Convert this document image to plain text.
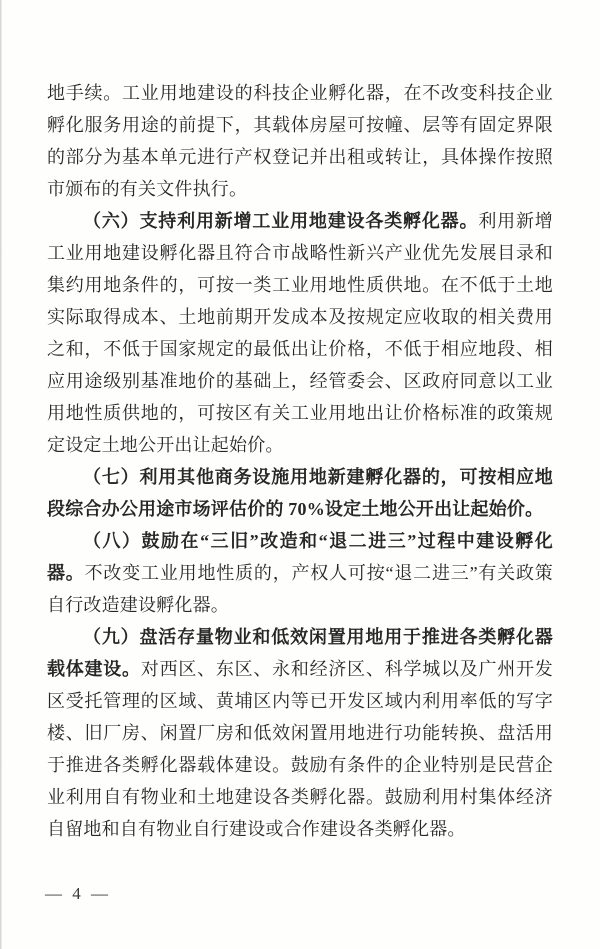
地手续。工业用地建设的科技企业孵化器，在不改变科技企业孵化服务用途的前提下，其载体房屋可按幢、层等有固定界限的部分为基本单元进行产权登记并出租或转让，具体操作按照市颁布的有关文件执行。

（六）支持利用新增工业用地建设各类孵化器。利用新增工业用地建设孵化器且符合市战略性新兴产业优先发展目录和集约用地条件的，可按一类工业用地性质供地。在不低于土地实际取得成本、土地前期开发成本及按规定应收取的相关费用之和，不低于国家规定的最低出让价格，不低于相应地段、相应用途级别基准地价的基础上，经管委会、区政府同意以工业用地性质供地的，可按区有关工业用地出让价格标准的政策规定设定土地公开出让起始价。

（七）利用其他商务设施用地新建孵化器的，可按相应地段综合办公用途市场评估价的 70%设定土地公开出让起始价。

（八）鼓励在“三旧”改造和“退二进三”过程中建设孵化器。不改变工业用地性质的，产权人可按“退二进三”有关政策自行改造建设孵化器。

（九）盘活存量物业和低效闲置用地用于推进各类孵化器载体建设。对西区、东区、永和经济区、科学城以及广州开发区受托管理的区域、黄埔区内等已开发区域内利用率低的写字楼、旧厂房、闲置厂房和低效闲置用地进行功能转换、盘活用于推进各类孵化器载体建设。鼓励有条件的企业特别是民营企业利用自有物业和土地建设各类孵化器。鼓励利用村集体经济自留地和自有物业自行建设或合作建设各类孵化器。

— 4 —
